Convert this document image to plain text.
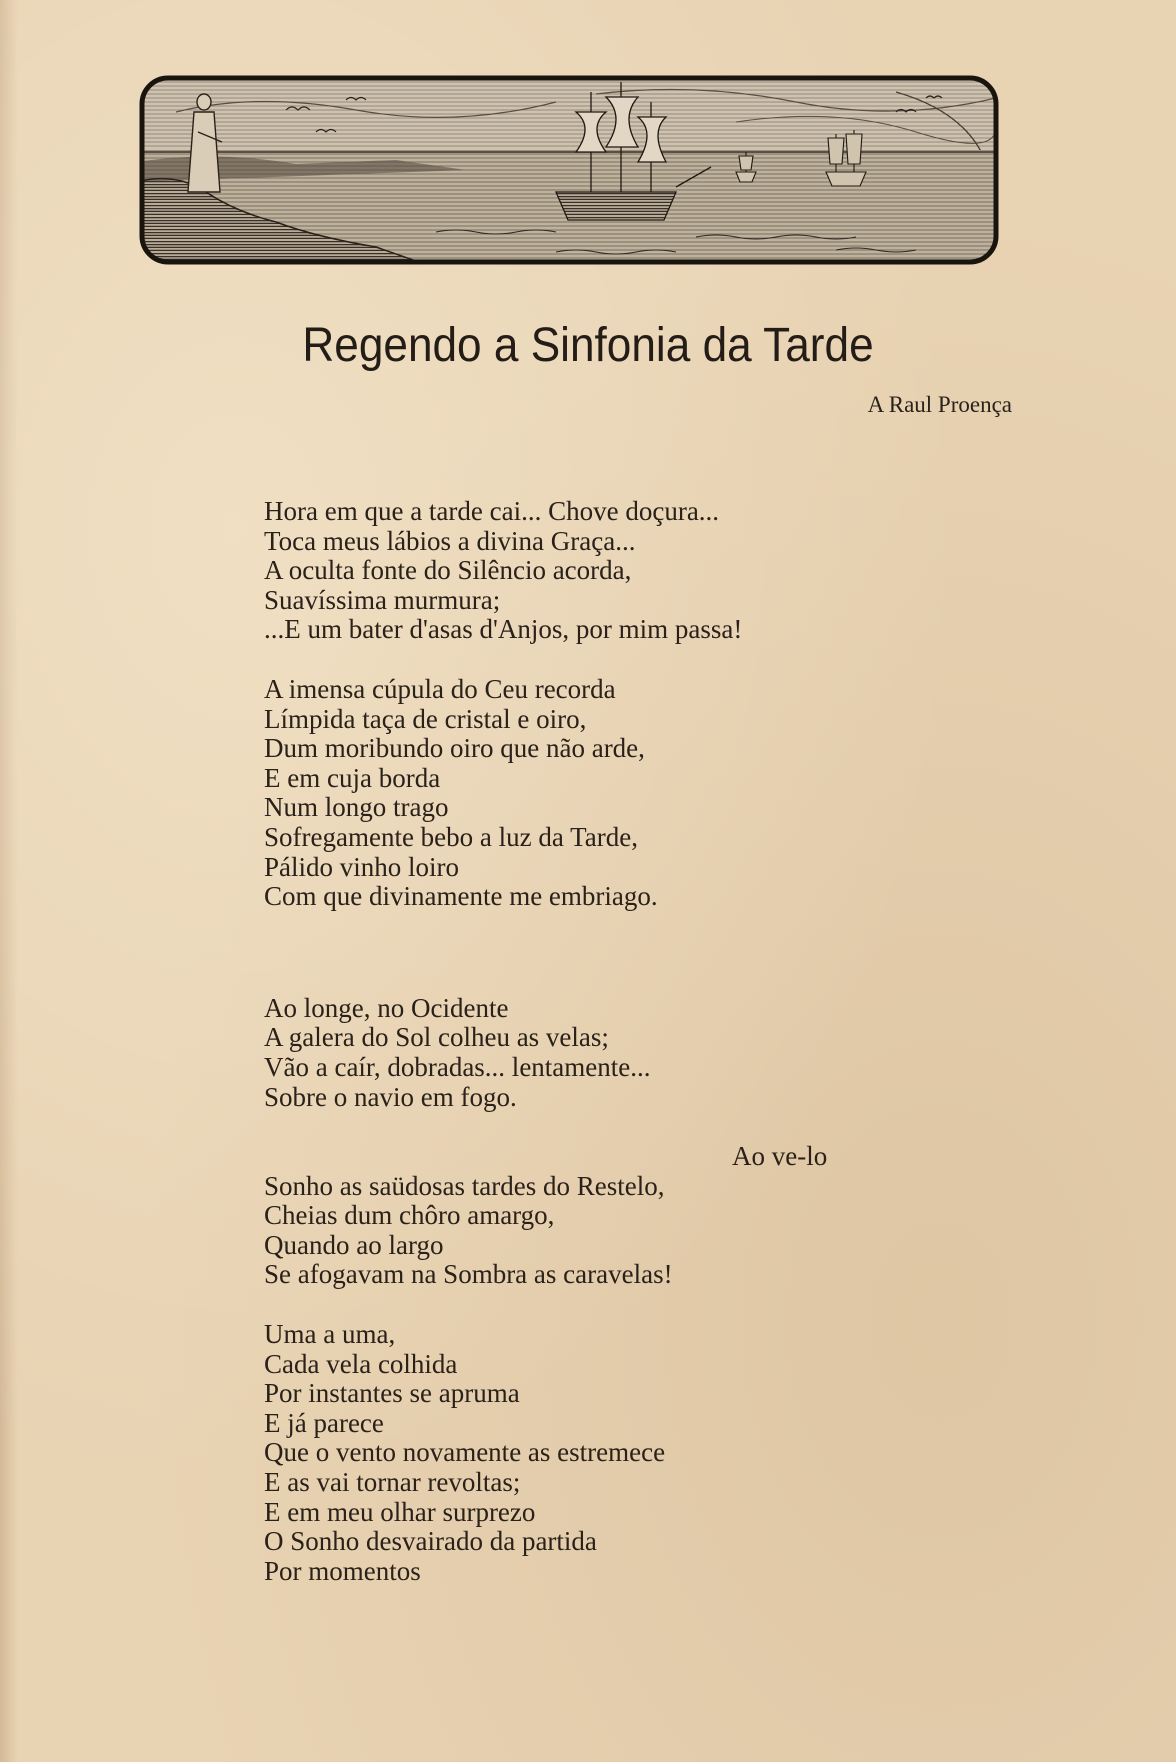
Regendo a Sinfonia da Tarde
A Raul Proença
Hora em que a tarde cai... Chove doçura...
Toca meus lábios a divina Graça...
A oculta fonte do Silêncio acorda,
Suavíssima murmura;
...E um bater d'asas d'Anjos, por mim passa!
A imensa cúpula do Ceu recorda
Límpida taça de cristal e oiro,
Dum moribundo oiro que não arde,
E em cuja borda
Num longo trago
Sofregamente bebo a luz da Tarde,
Pálido vinho loiro
Com que divinamente me embriago.
Ao longe, no Ocidente
A galera do Sol colheu as velas;
Vão a caír, dobradas... lentamente...
Sobre o navio em fogo.
Ao ve-lo
Sonho as saüdosas tardes do Restelo,
Cheias dum chôro amargo,
Quando ao largo
Se afogavam na Sombra as caravelas!
Uma a uma,
Cada vela colhida
Por instantes se apruma
E já parece
Que o vento novamente as estremece
E as vai tornar revoltas;
E em meu olhar surprezo
O Sonho desvairado da partida
Por momentos
